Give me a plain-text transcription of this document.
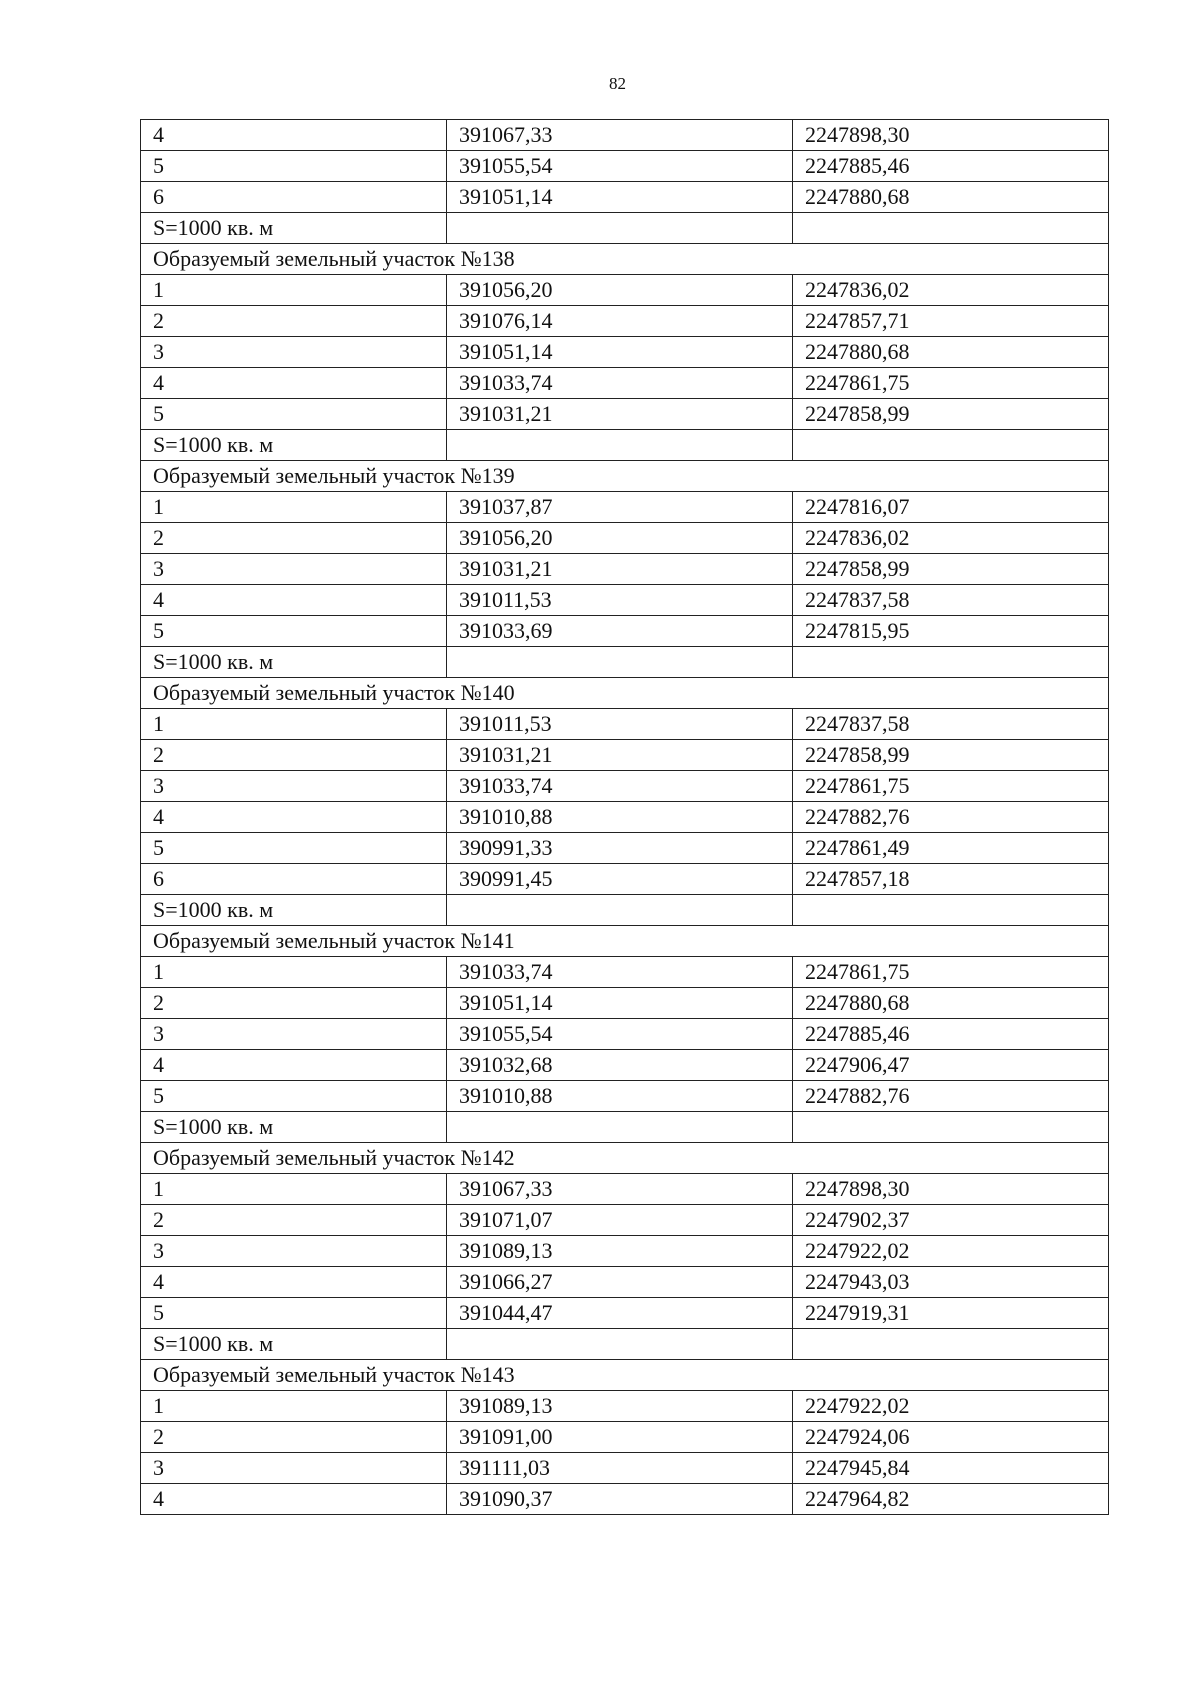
82
4	391067,33	2247898,30
5	391055,54	2247885,46
6	391051,14	2247880,68
S=1000 кв. м		
Образуемый земельный участок №138		
1	391056,20	2247836,02
2	391076,14	2247857,71
3	391051,14	2247880,68
4	391033,74	2247861,75
5	391031,21	2247858,99
S=1000 кв. м		
Образуемый земельный участок №139		
1	391037,87	2247816,07
2	391056,20	2247836,02
3	391031,21	2247858,99
4	391011,53	2247837,58
5	391033,69	2247815,95
S=1000 кв. м		
Образуемый земельный участок №140		
1	391011,53	2247837,58
2	391031,21	2247858,99
3	391033,74	2247861,75
4	391010,88	2247882,76
5	390991,33	2247861,49
6	390991,45	2247857,18
S=1000 кв. м		
Образуемый земельный участок №141		
1	391033,74	2247861,75
2	391051,14	2247880,68
3	391055,54	2247885,46
4	391032,68	2247906,47
5	391010,88	2247882,76
S=1000 кв. м		
Образуемый земельный участок №142		
1	391067,33	2247898,30
2	391071,07	2247902,37
3	391089,13	2247922,02
4	391066,27	2247943,03
5	391044,47	2247919,31
S=1000 кв. м		
Образуемый земельный участок №143		
1	391089,13	2247922,02
2	391091,00	2247924,06
3	391111,03	2247945,84
4	391090,37	2247964,82
